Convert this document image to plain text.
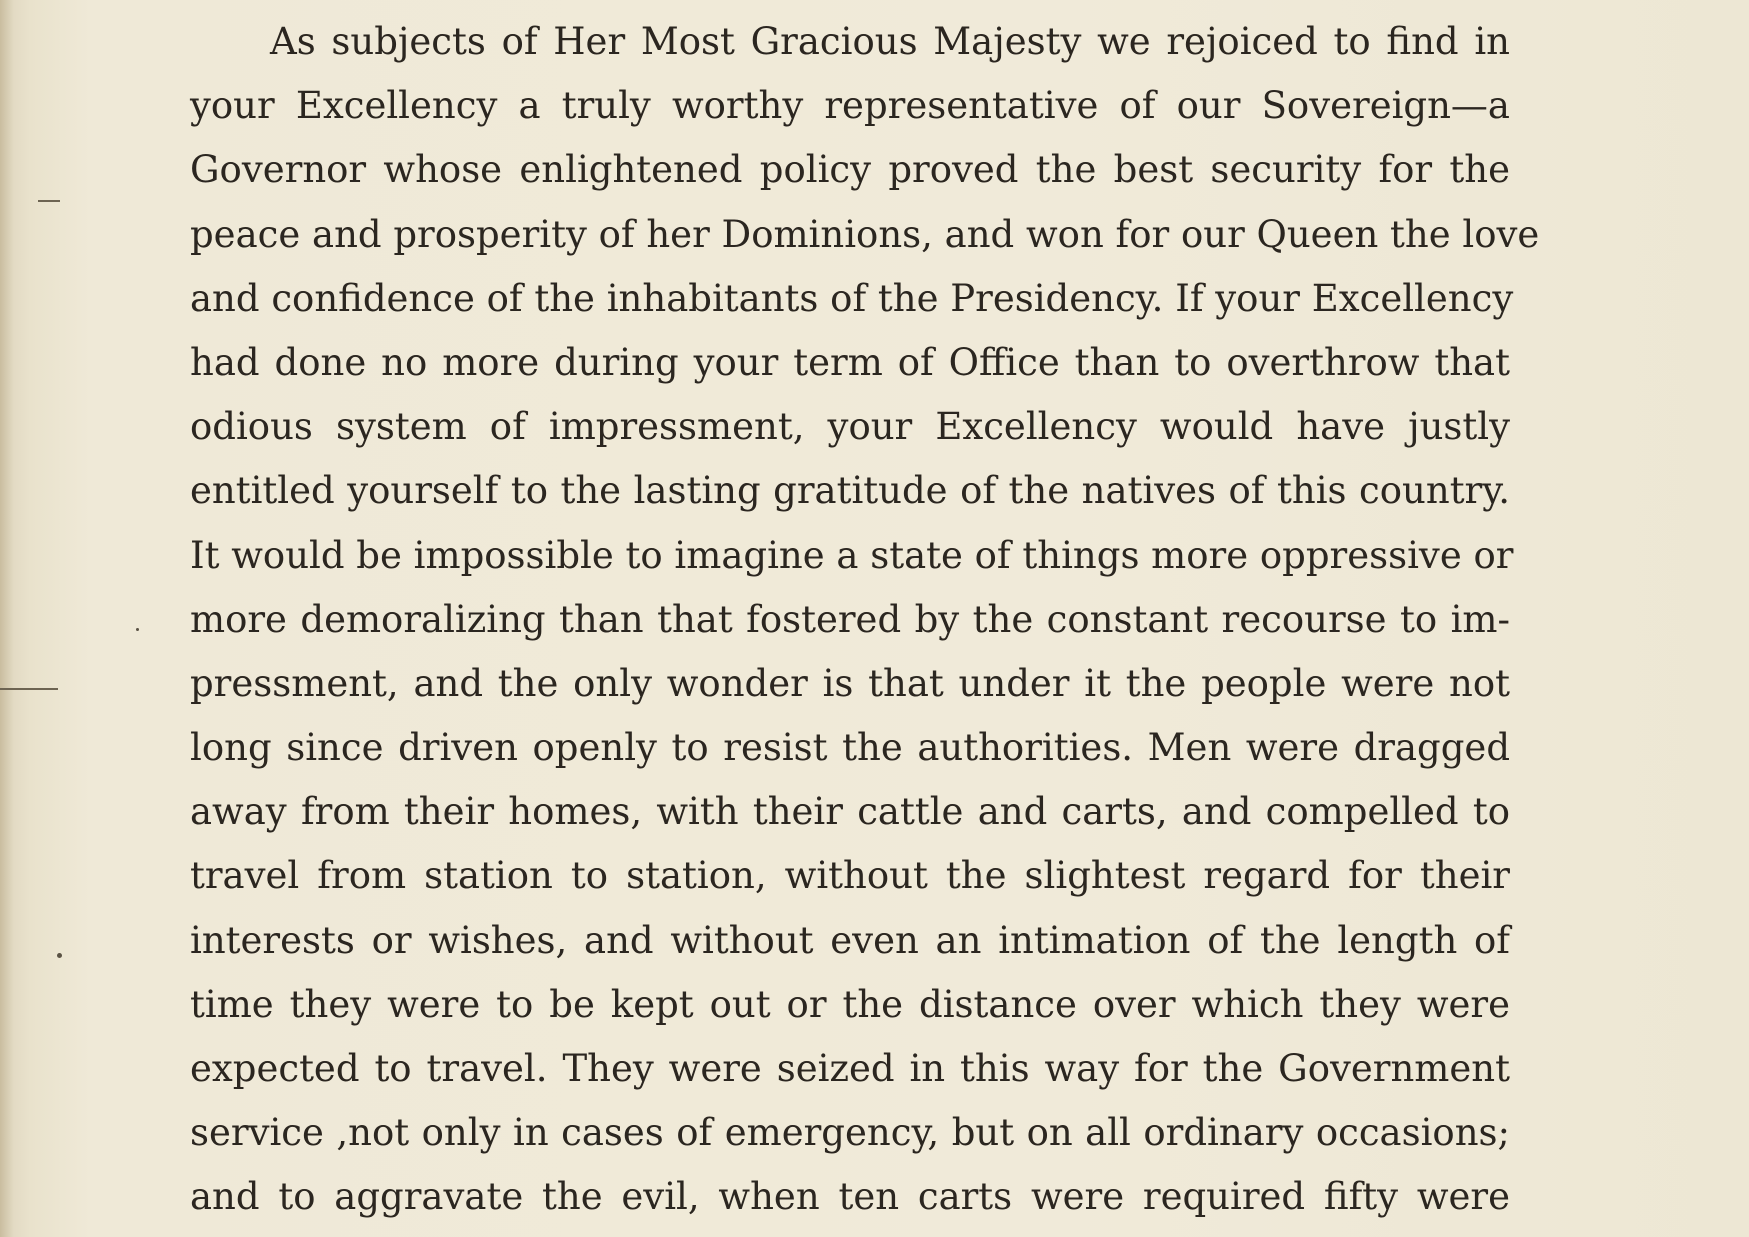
As subjects of Her Most Gracious Majesty we rejoiced to find in
your Excellency a truly worthy representative of our Sovereign—a
Governor whose enlightened policy proved the best security for the
peace and prosperity of her Dominions, and won for our Queen the love
and confidence of the inhabitants of the Presidency. If your Excellency
had done no more during your term of Office than to overthrow that
odious system of impressment, your Excellency would have justly
entitled yourself to the lasting gratitude of the natives of this country.
It would be impossible to imagine a state of things more oppressive or
more demoralizing than that fostered by the constant recourse to im-
pressment, and the only wonder is that under it the people were not
long since driven openly to resist the authorities. Men were dragged
away from their homes, with their cattle and carts, and compelled to
travel from station to station, without the slightest regard for their
interests or wishes, and without even an intimation of the length of
time they were to be kept out or the distance over which they were
expected to travel. They were seized in this way for the Government
service ,not only in cases of emergency, but on all ordinary occasions;
and to aggravate the evil, when ten carts were required fifty were
